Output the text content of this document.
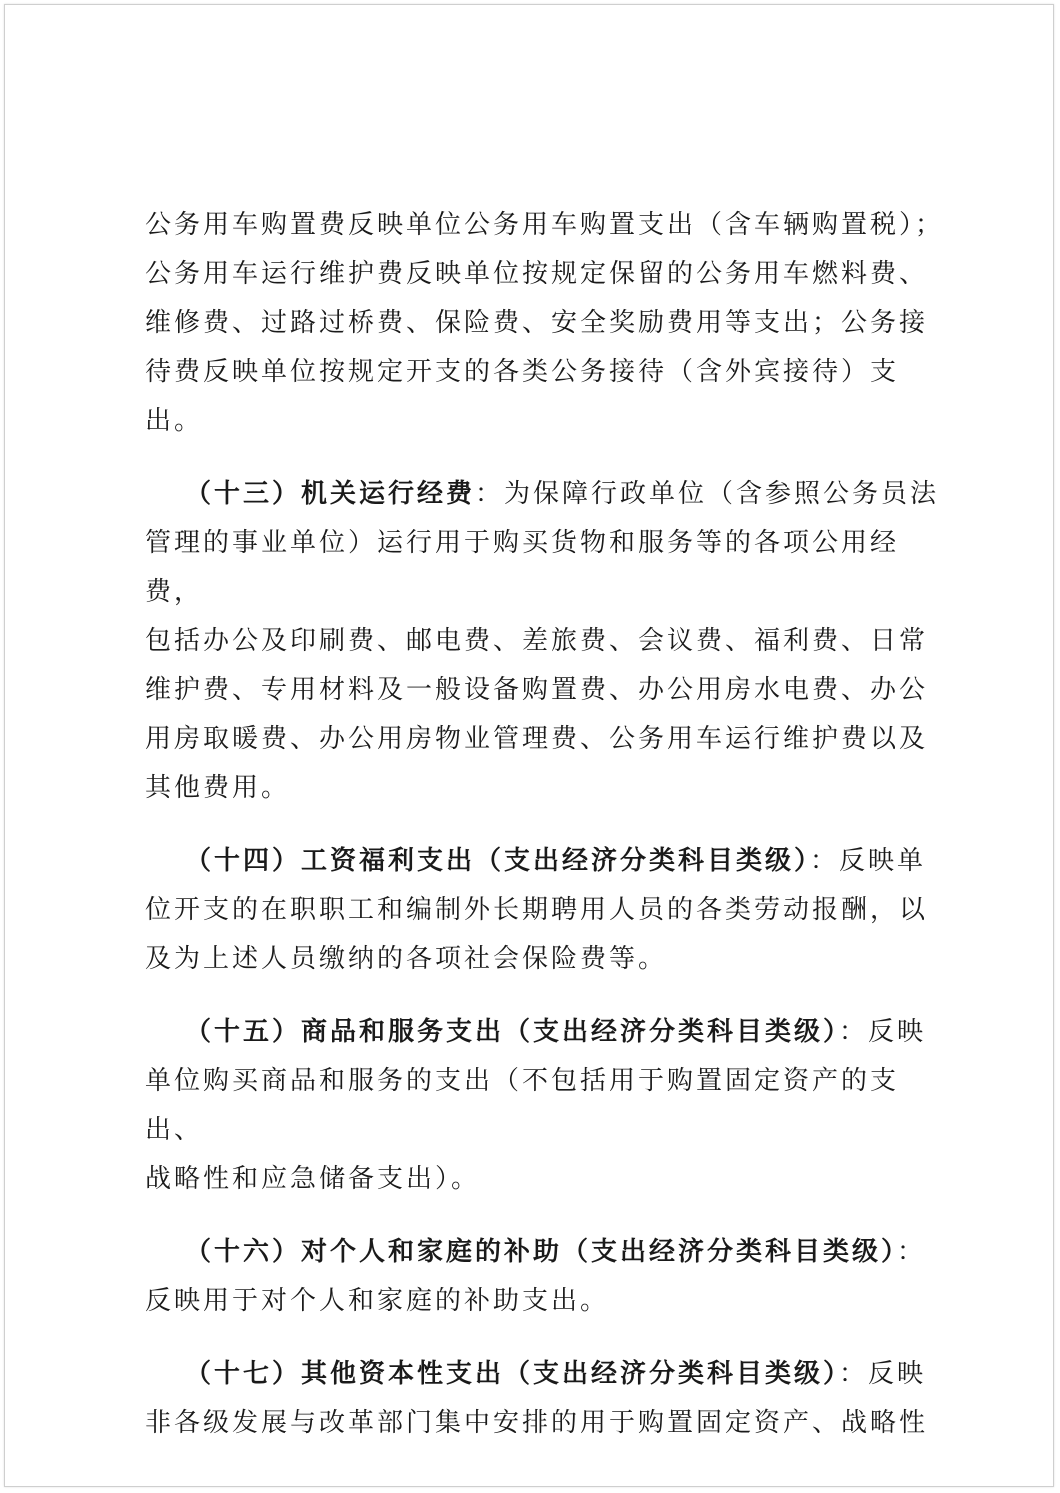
公务用车购置费反映单位公务用车购置支出（含车辆购置税）；
公务用车运行维护费反映单位按规定保留的公务用车燃料费、
维修费、过路过桥费、保险费、安全奖励费用等支出；公务接
待费反映单位按规定开支的各类公务接待（含外宾接待）支出。

（十三）机关运行经费：为保障行政单位（含参照公务员法
管理的事业单位）运行用于购买货物和服务等的各项公用经费，
包括办公及印刷费、邮电费、差旅费、会议费、福利费、日常
维护费、专用材料及一般设备购置费、办公用房水电费、办公
用房取暖费、办公用房物业管理费、公务用车运行维护费以及
其他费用。

（十四）工资福利支出（支出经济分类科目类级）：反映单
位开支的在职职工和编制外长期聘用人员的各类劳动报酬，以
及为上述人员缴纳的各项社会保险费等。

（十五）商品和服务支出（支出经济分类科目类级）：反映
单位购买商品和服务的支出（不包括用于购置固定资产的支出、
战略性和应急储备支出）。

（十六）对个人和家庭的补助（支出经济分类科目类级）：
反映用于对个人和家庭的补助支出。

（十七）其他资本性支出（支出经济分类科目类级）：反映
非各级发展与改革部门集中安排的用于购置固定资产、战略性
